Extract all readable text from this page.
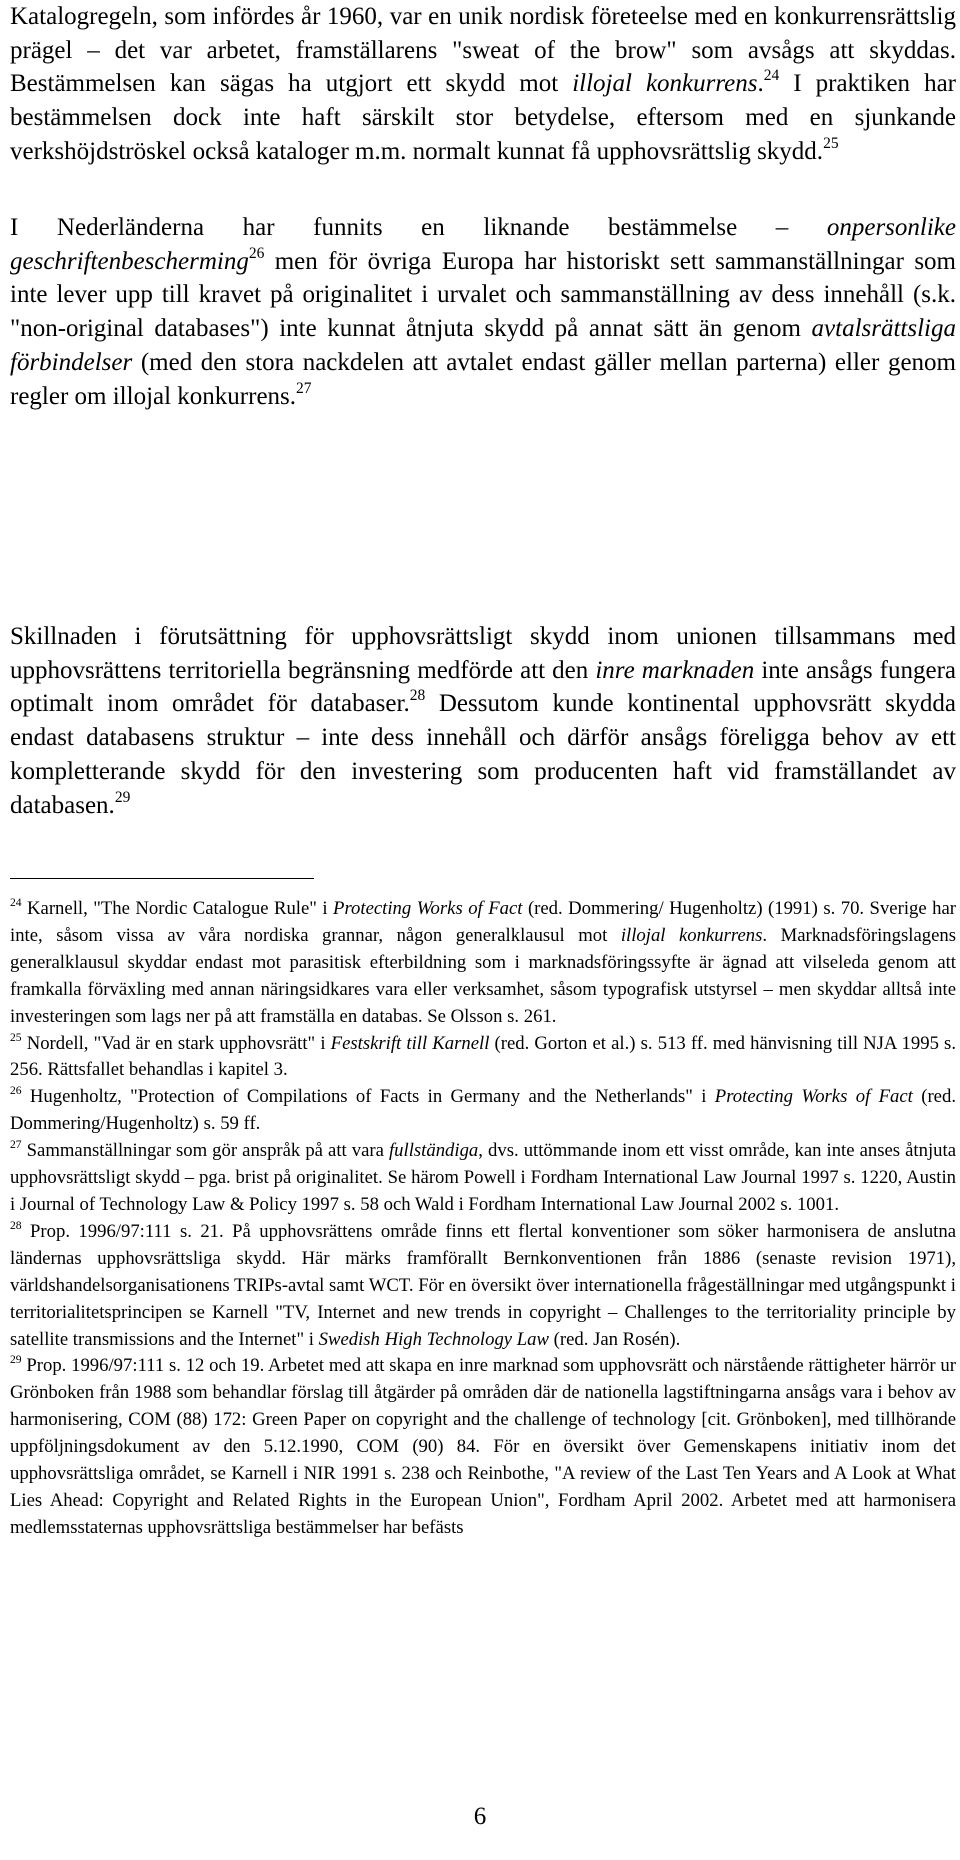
Katalogregeln, som infördes år 1960, var en unik nordisk företeelse med en konkurrensrättslig prägel – det var arbetet, framställarens "sweat of the brow" som avsågs att skyddas. Bestämmelsen kan sägas ha utgjort ett skydd mot illojal konkurrens.$^{24}$ I praktiken har bestämmelsen dock inte haft särskilt stor betydelse, eftersom med en sjunkande verkshöjdströskel också kataloger m.m. normalt kunnat få upphovsrättslig skydd.$^{25}$

I Nederländerna har funnits en liknande bestämmelse – onpersonlike geschriftenbescherming$^{26}$ men för övriga Europa har historiskt sett sammanställningar som inte lever upp till kravet på originalitet i urvalet och sammanställning av dess innehåll (s.k. "non-original databases") inte kunnat åtnjuta skydd på annat sätt än genom avtalsrättsliga förbindelser (med den stora nackdelen att avtalet endast gäller mellan parterna) eller genom regler om illojal konkurrens.$^{27}$

Skillnaden i förutsättning för upphovsrättsligt skydd inom unionen tillsammans med upphovsrättens territoriella begränsning medförde att den inre marknaden inte ansågs fungera optimalt inom området för databaser.$^{28}$ Dessutom kunde kontinental upphovsrätt skydda endast databasens struktur – inte dess innehåll och därför ansågs föreligga behov av ett kompletterande skydd för den investering som producenten haft vid framställandet av databasen.$^{29}$

$^{24}$ Karnell, "The Nordic Catalogue Rule" i Protecting Works of Fact (red. Dommering/ Hugenholtz) (1991) s. 70. Sverige har inte, såsom vissa av våra nordiska grannar, någon generalklausul mot illojal konkurrens. Marknadsföringslagens generalklausul skyddar endast mot parasitisk efterbildning som i marknadsföringssyfte är ägnad att vilseleda genom att framkalla förväxling med annan näringsidkares vara eller verksamhet, såsom typografisk utstyrsel – men skyddar alltså inte investeringen som lags ner på att framställa en databas. Se Olsson s. 261.

$^{25}$ Nordell, "Vad är en stark upphovsrätt" i Festskrift till Karnell (red. Gorton et al.) s. 513 ff. med hänvisning till NJA 1995 s. 256. Rättsfallet behandlas i kapitel 3.

$^{26}$ Hugenholtz, "Protection of Compilations of Facts in Germany and the Netherlands" i Protecting Works of Fact (red. Dommering/Hugenholtz) s. 59 ff.

$^{27}$ Sammanställningar som gör anspråk på att vara fullständiga, dvs. uttömmande inom ett visst område, kan inte anses åtnjuta upphovsrättsligt skydd – pga. brist på originalitet. Se härom Powell i Fordham International Law Journal 1997 s. 1220, Austin i Journal of Technology Law & Policy 1997 s. 58 och Wald i Fordham International Law Journal 2002 s. 1001.

$^{28}$ Prop. 1996/97:111 s. 21. På upphovsrättens område finns ett flertal konventioner som söker harmonisera de anslutna ländernas upphovsrättsliga skydd. Här märks framförallt Bernkonventionen från 1886 (senaste revision 1971), världshandelsorganisationens TRIPs-avtal samt WCT. För en översikt över internationella frågeställningar med utgångspunkt i territorialitetsprincipen se Karnell "TV, Internet and new trends in copyright – Challenges to the territoriality principle by satellite transmissions and the Internet" i Swedish High Technology Law (red. Jan Rosén).

$^{29}$ Prop. 1996/97:111 s. 12 och 19. Arbetet med att skapa en inre marknad som upphovsrätt och närstående rättigheter härrör ur Grönboken från 1988 som behandlar förslag till åtgärder på områden där de nationella lagstiftningarna ansågs vara i behov av harmonisering, COM (88) 172: Green Paper on copyright and the challenge of technology [cit. Grönboken], med tillhörande uppföljningsdokument av den 5.12.1990, COM (90) 84. För en översikt över Gemenskapens initiativ inom det upphovsrättsliga området, se Karnell i NIR 1991 s. 238 och Reinbothe, "A review of the Last Ten Years and A Look at What Lies Ahead: Copyright and Related Rights in the European Union", Fordham April 2002. Arbetet med att harmonisera medlemsstaternas upphovsrättsliga bestämmelser har befästs

6
